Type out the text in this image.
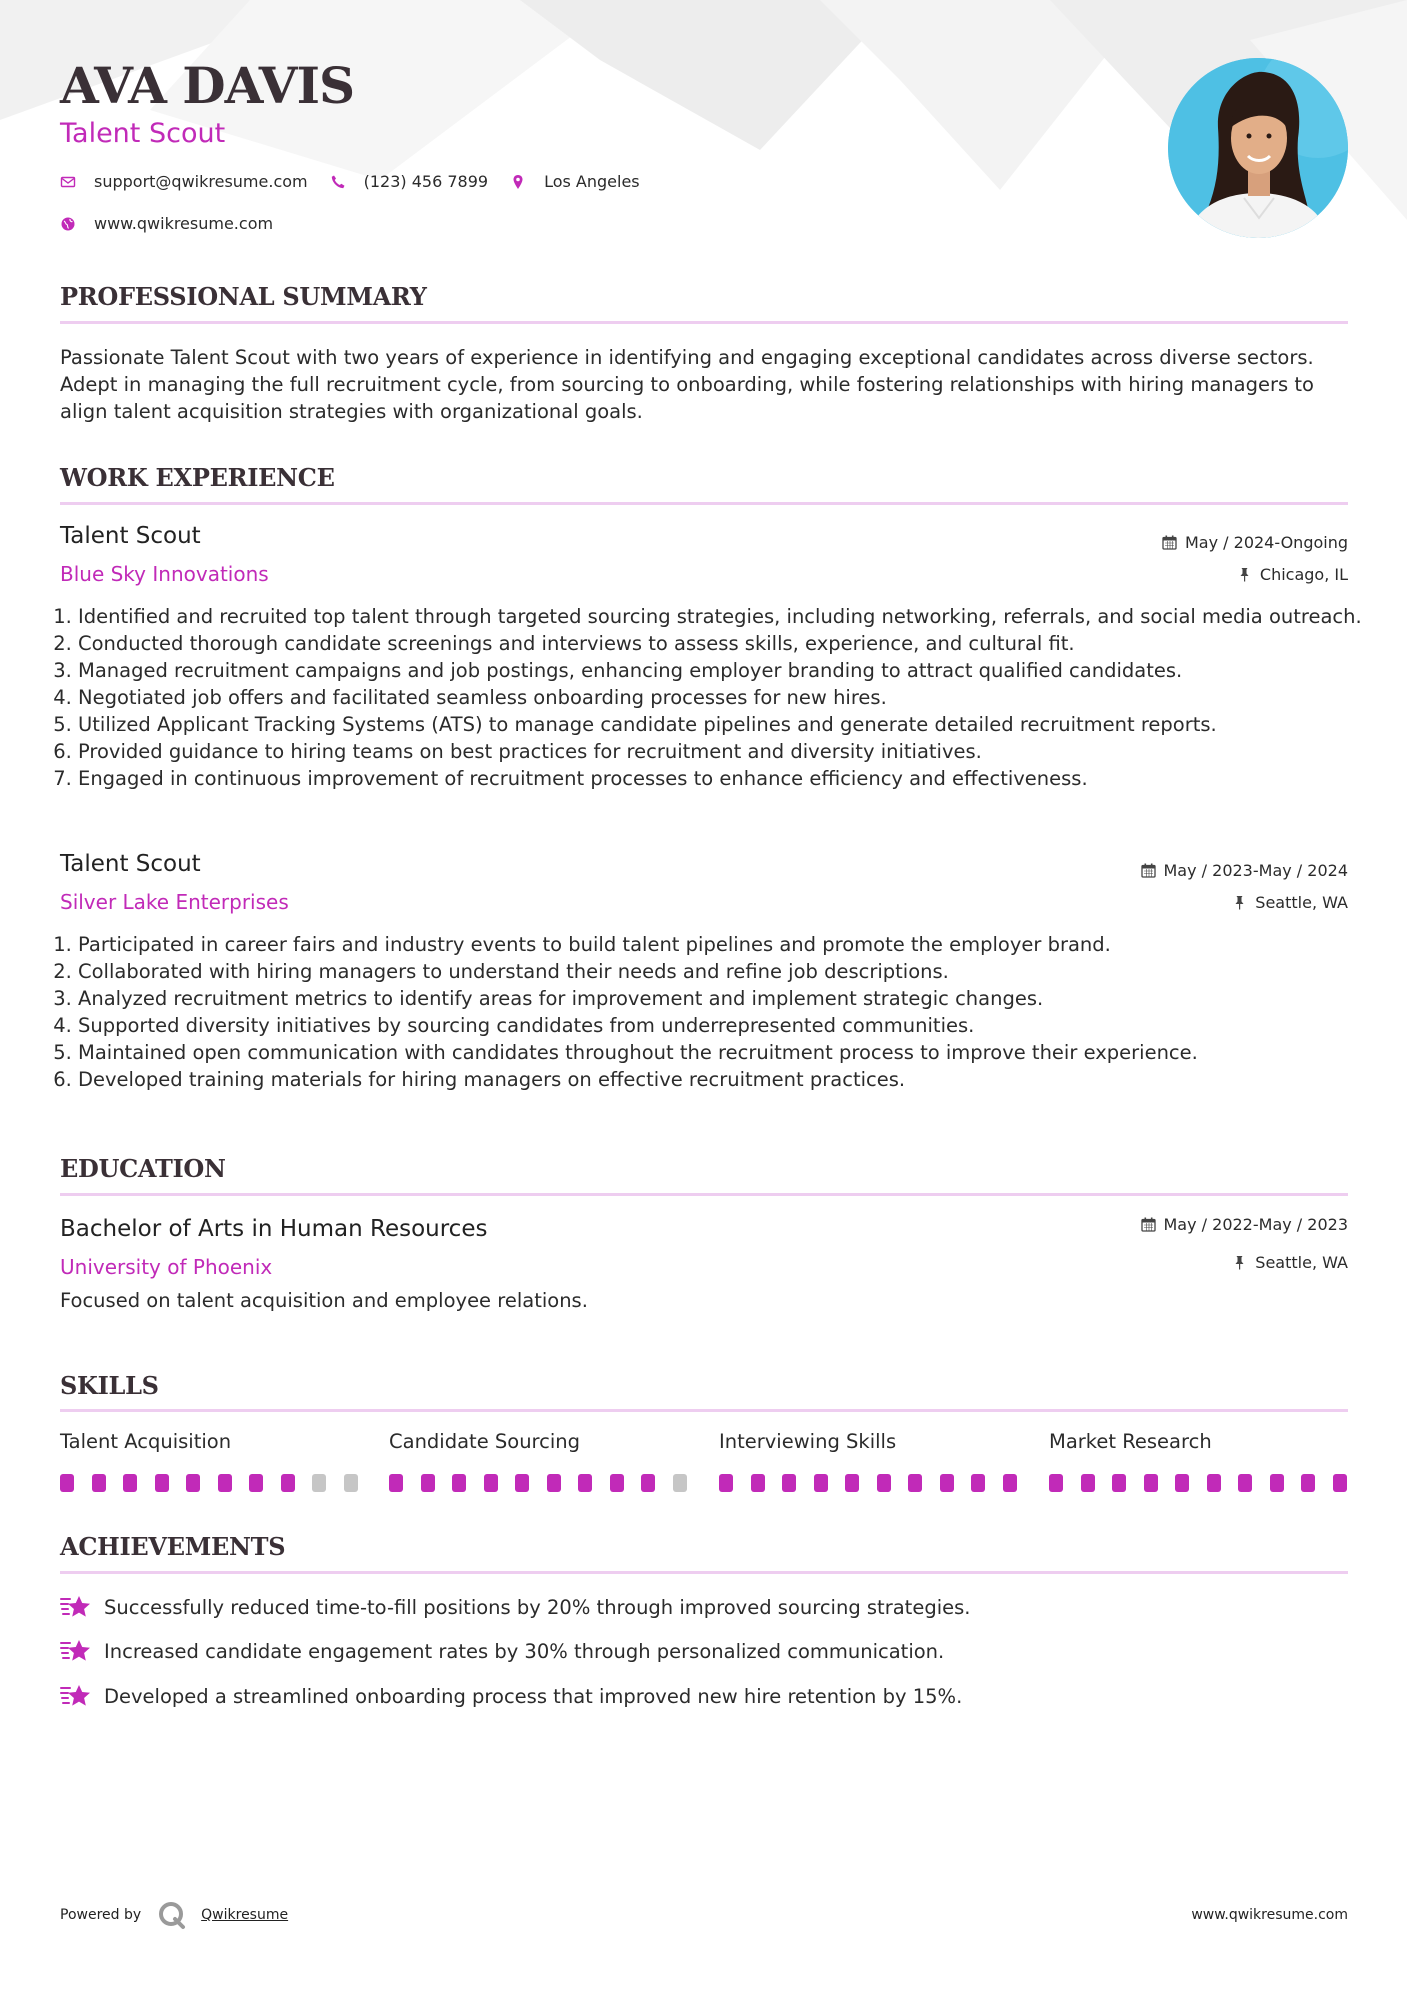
AVA DAVIS
Talent Scout
support@qwikresume.com	(123) 456 7899	Los Angeles
www.qwikresume.com
PROFESSIONAL SUMMARY

Passionate Talent Scout with two years of experience in identifying and engaging exceptional candidates across diverse sectors. Adept in managing the full recruitment cycle, from sourcing to onboarding, while fostering relationships with hiring managers to align talent acquisition strategies with organizational goals.

WORK EXPERIENCE
Talent Scout
Blue Sky Innovations
May / 2024-Ongoing
Chicago, IL
1. Identified and recruited top talent through targeted sourcing strategies, including networking, referrals, and social media outreach.
2. Conducted thorough candidate screenings and interviews to assess skills, experience, and cultural fit.
3. Managed recruitment campaigns and job postings, enhancing employer branding to attract qualified candidates.
4. Negotiated job offers and facilitated seamless onboarding processes for new hires.
5. Utilized Applicant Tracking Systems (ATS) to manage candidate pipelines and generate detailed recruitment reports.
6. Provided guidance to hiring teams on best practices for recruitment and diversity initiatives.
7. Engaged in continuous improvement of recruitment processes to enhance efficiency and effectiveness.
Talent Scout
Silver Lake Enterprises
May / 2023-May / 2024
Seattle, WA
1. Participated in career fairs and industry events to build talent pipelines and promote the employer brand.
2. Collaborated with hiring managers to understand their needs and refine job descriptions.
3. Analyzed recruitment metrics to identify areas for improvement and implement strategic changes.
4. Supported diversity initiatives by sourcing candidates from underrepresented communities.
5. Maintained open communication with candidates throughout the recruitment process to improve their experience.
6. Developed training materials for hiring managers on effective recruitment practices.
EDUCATION
Bachelor of Arts in Human Resources
University of Phoenix
May / 2022-May / 2023
Seattle, WA
Focused on talent acquisition and employee relations.
SKILLS
Talent Acquisition	Candidate Sourcing	Interviewing Skills	Market Research
ACHIEVEMENTS
Successfully reduced time-to-fill positions by 20% through improved sourcing strategies.
Increased candidate engagement rates by 30% through personalized communication.
Developed a streamlined onboarding process that improved new hire retention by 15%.
Powered by	Qwikresume	www.qwikresume.com
